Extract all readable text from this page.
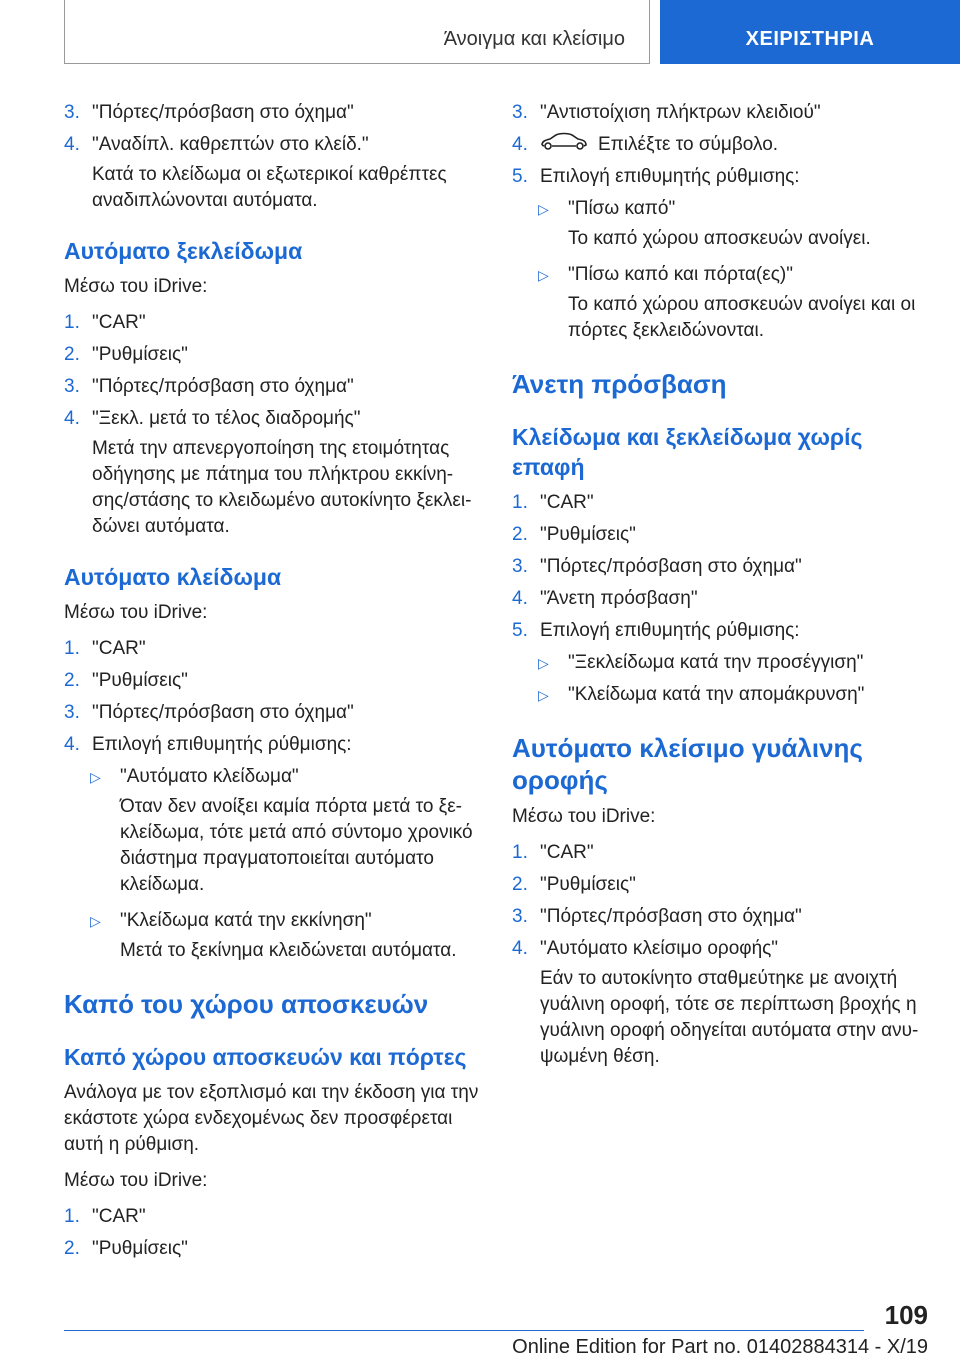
Άνοιγμα και κλείσιμο	ΧΕΙΡΙΣΤΗΡΙΑ
3. "Πόρτες/πρόσβαση στο όχημα"
4. "Αναδίπλ. καθρεπτών στο κλείδ."
Κατά το κλείδωμα οι εξωτερικοί καθρέπτες αναδιπλώνονται αυτόματα.
Αυτόματο ξεκλείδωμα
Μέσω του iDrive:
1. "CAR"
2. "Ρυθμίσεις"
3. "Πόρτες/πρόσβαση στο όχημα"
4. "Ξεκλ. μετά το τέλος διαδρομής"
Μετά την απενεργοποίηση της ετοιμότητας οδήγησης με πάτημα του πλήκτρου εκκίνησης/στάσης το κλειδωμένο αυτοκίνητο ξεκλειδώνει αυτόματα.
Αυτόματο κλείδωμα
Μέσω του iDrive:
1. "CAR"
2. "Ρυθμίσεις"
3. "Πόρτες/πρόσβαση στο όχημα"
4. Επιλογή επιθυμητής ρύθμισης:
▷ "Αυτόματο κλείδωμα"
Όταν δεν ανοίξει καμία πόρτα μετά το ξεκλείδωμα, τότε μετά από σύντομο χρονικό διάστημα πραγματοποιείται αυτόματο κλείδωμα.
▷ "Κλείδωμα κατά την εκκίνηση"
Μετά το ξεκίνημα κλειδώνεται αυτόματα.
Καπό του χώρου αποσκευών
Καπό χώρου αποσκευών και πόρτες
Ανάλογα με τον εξοπλισμό και την έκδοση για την εκάστοτε χώρα ενδεχομένως δεν προσφέρεται αυτή η ρύθμιση.
Μέσω του iDrive:
1. "CAR"
2. "Ρυθμίσεις"
3. "Αντιστοίχιση πλήκτρων κλειδιού"
4.	Επιλέξτε το σύμβολο.
5. Επιλογή επιθυμητής ρύθμισης:
▷ "Πίσω καπό"
Το καπό χώρου αποσκευών ανοίγει.
▷ "Πίσω καπό και πόρτα(ες)"
Το καπό χώρου αποσκευών ανοίγει και οι πόρτες ξεκλειδώνονται.
Άνετη πρόσβαση
Κλείδωμα και ξεκλείδωμα χωρίς επαφή
1. "CAR"
2. "Ρυθμίσεις"
3. "Πόρτες/πρόσβαση στο όχημα"
4. "Άνετη πρόσβαση"
5. Επιλογή επιθυμητής ρύθμισης:
▷ "Ξεκλείδωμα κατά την προσέγγιση"
▷ "Κλείδωμα κατά την απομάκρυνση"
Αυτόματο κλείσιμο γυάλινης οροφής
Μέσω του iDrive:
1. "CAR"
2. "Ρυθμίσεις"
3. "Πόρτες/πρόσβαση στο όχημα"
4. "Αυτόματο κλείσιμο οροφής"
Εάν το αυτοκίνητο σταθμεύτηκε με ανοιχτή γυάλινη οροφή, τότε σε περίπτωση βροχής η γυάλινη οροφή οδηγείται αυτόματα στην ανυψωμένη θέση.
109
Online Edition for Part no. 01402884314 - X/19
